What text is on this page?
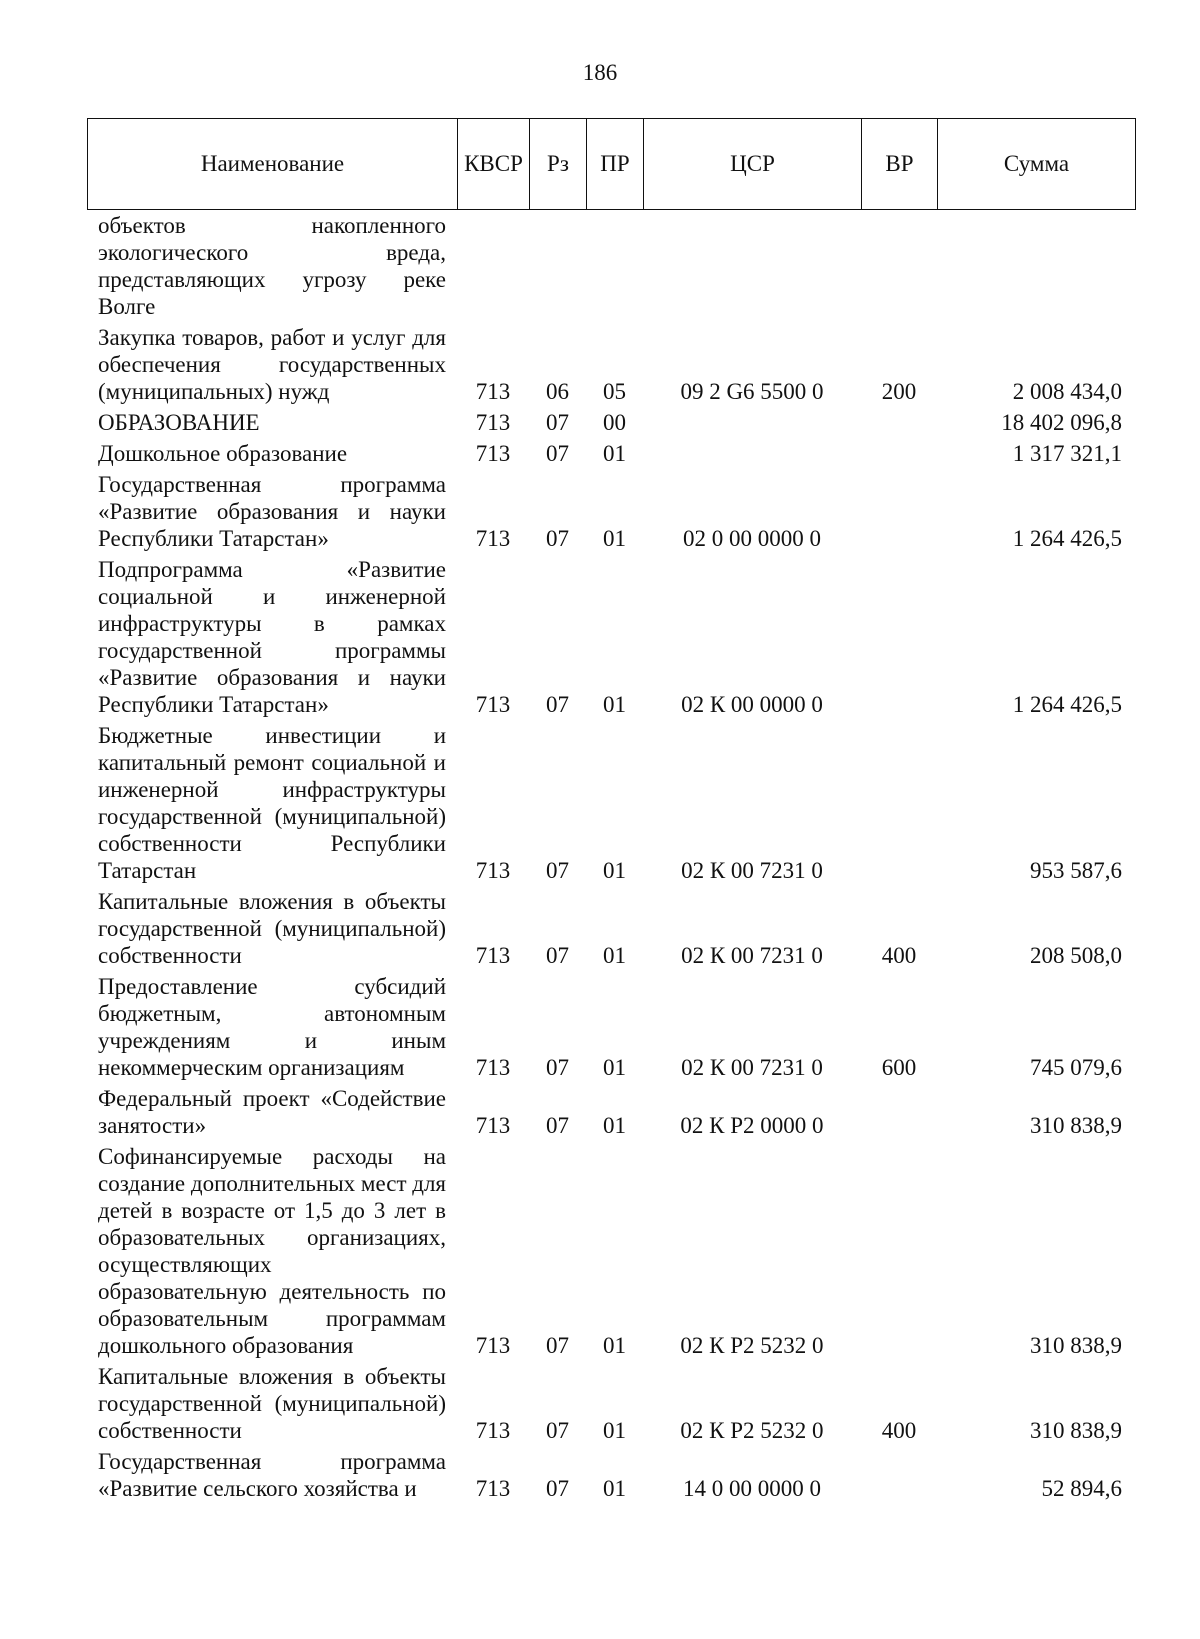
186
Наименование	КВСР	Рз	ПР	ЦСР	ВР	Сумма
объектов накопленного экологического вреда, представляющих угрозу реке Волге						
Закупка товаров, работ и услуг для обеспечения государственных (муниципальных) нужд	713	06	05	09 2 G6 5500 0	200	2 008 434,0
ОБРАЗОВАНИЕ	713	07	00			18 402 096,8
Дошкольное образование	713	07	01			1 317 321,1
Государственная программа «Развитие образования и науки Республики Татарстан»	713	07	01	02 0 00 0000 0		1 264 426,5
Подпрограмма «Развитие социальной и инженерной инфраструктуры в рамках государственной программы «Развитие образования и науки Республики Татарстан»	713	07	01	02 К 00 0000 0		1 264 426,5
Бюджетные инвестиции и капитальный ремонт социальной и инженерной инфраструктуры государственной (муниципальной) собственности Республики Татарстан	713	07	01	02 К 00 7231 0		953 587,6
Капитальные вложения в объекты государственной (муниципальной) собственности	713	07	01	02 К 00 7231 0	400	208 508,0
Предоставление субсидий бюджетным, автономным учреждениям и иным некоммерческим организациям	713	07	01	02 К 00 7231 0	600	745 079,6
Федеральный проект «Содействие занятости»	713	07	01	02 К Р2 0000 0		310 838,9
Софинансируемые расходы на создание дополнительных мест для детей в возрасте от 1,5 до 3 лет в образовательных организациях, осуществляющих образовательную деятельность по образовательным программам дошкольного образования	713	07	01	02 К Р2 5232 0		310 838,9
Капитальные вложения в объекты государственной (муниципальной) собственности	713	07	01	02 К Р2 5232 0	400	310 838,9
Государственная программа «Развитие сельского хозяйства и	713	07	01	14 0 00 0000 0		52 894,6
